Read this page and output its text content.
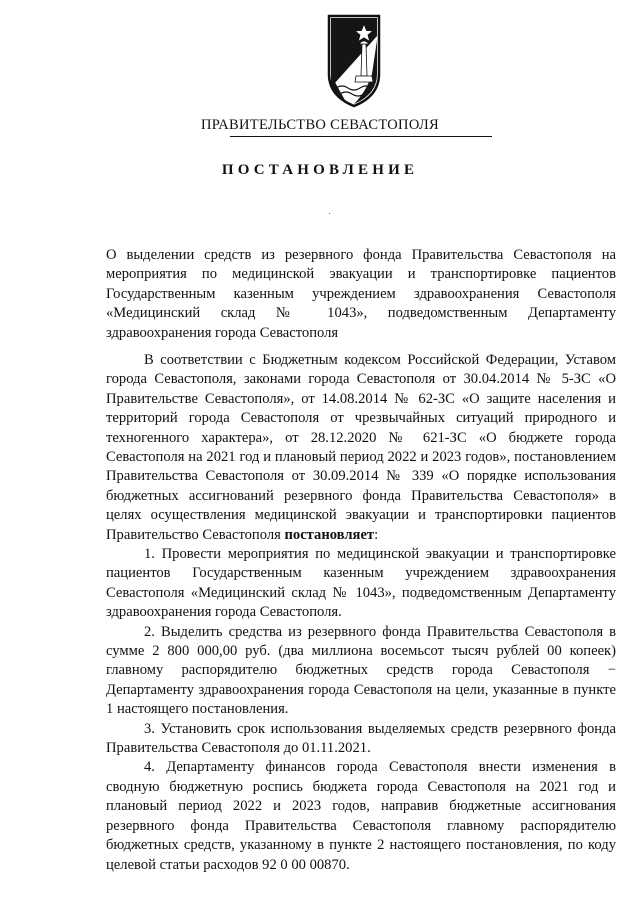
ПРАВИТЕЛЬСТВО СЕВАСТОПОЛЯ
ПОСТАНОВЛЕНИЕ

О выделении средств из резервного фонда Правительства Севастополя на мероприятия по медицинской эвакуации и транспортировке пациентов Государственным казенным учреждением здравоохранения Севастополя «Медицинский склад № 1043», подведомственным Департаменту здравоохранения города Севастополя

В соответствии с Бюджетным кодексом Российской Федерации, Уставом города Севастополя, законами города Севастополя от 30.04.2014 № 5-ЗС «О Правительстве Севастополя», от 14.08.2014 № 62-ЗС «О защите населения и территорий города Севастополя от чрезвычайных ситуаций природного и техногенного характера», от 28.12.2020 № 621-ЗС «О бюджете города Севастополя на 2021 год и плановый период 2022 и 2023 годов», постановлением Правительства Севастополя от 30.09.2014 № 339 «О порядке использования бюджетных ассигнований резервного фонда Правительства Севастополя» в целях осуществления медицинской эвакуации и транспортировки пациентов Правительство Севастополя постановляет:

1. Провести мероприятия по медицинской эвакуации и транспортировке пациентов Государственным казенным учреждением здравоохранения Севастополя «Медицинский склад № 1043», подведомственным Департаменту здравоохранения города Севастополя.

2. Выделить средства из резервного фонда Правительства Севастополя в сумме 2 800 000,00 руб. (два миллиона восемьсот тысяч рублей 00 копеек) главному распорядителю бюджетных средств города Севастополя − Департаменту здравоохранения города Севастополя на цели, указанные в пункте 1 настоящего постановления.

3. Установить срок использования выделяемых средств резервного фонда Правительства Севастополя до 01.11.2021.

4. Департаменту финансов города Севастополя внести изменения в сводную бюджетную роспись бюджета города Севастополя на 2021 год и плановый период 2022 и 2023 годов, направив бюджетные ассигнования резервного фонда Правительства Севастополя главному распорядителю бюджетных средств, указанному в пункте 2 настоящего постановления, по коду целевой статьи расходов 92 0 00 00870.
